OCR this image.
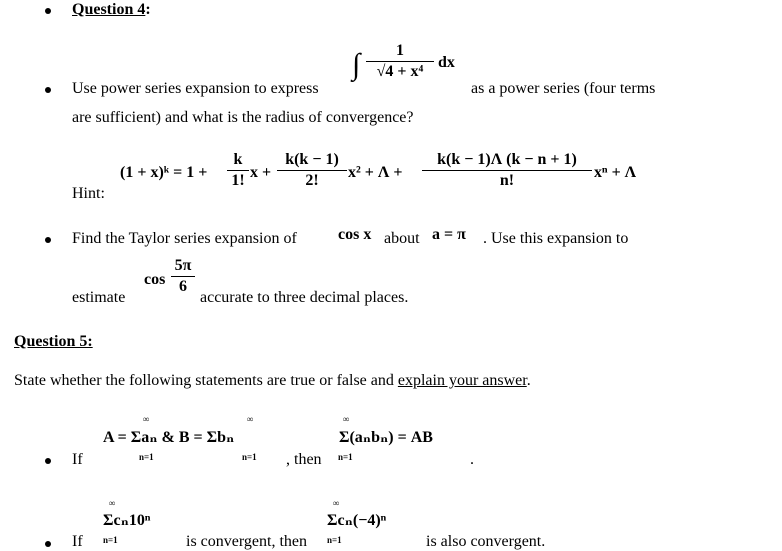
Question 4:
∫	1
√4 + x⁴
dx
Use power series expansion to express	as a power series (four terms
are sufficient) and what is the radius of convergence?
(1 + x)ᵏ = 1 +
k
1! x +
k(k − 1)
2!	x² + Λ +
k(k − 1)Λ (k − n + 1)
n!	xⁿ + Λ
Hint:
Find the Taylor series expansion of	cos x about a = π . Use this expansion to
estimate
cos
5π
6
accurate to three decimal places.
Question 5:
State whether the following statements are true or false and explain your answer.
If
∞
A = Σaₙ & B = Σbₙ
n=1
∞
n=1 , then
∞
Σ(aₙbₙ) = AB
n=1	.
If
∞
Σcₙ10ⁿ
n=1	is convergent, then
∞
Σcₙ(−4)ⁿ
n=1	is also convergent.
